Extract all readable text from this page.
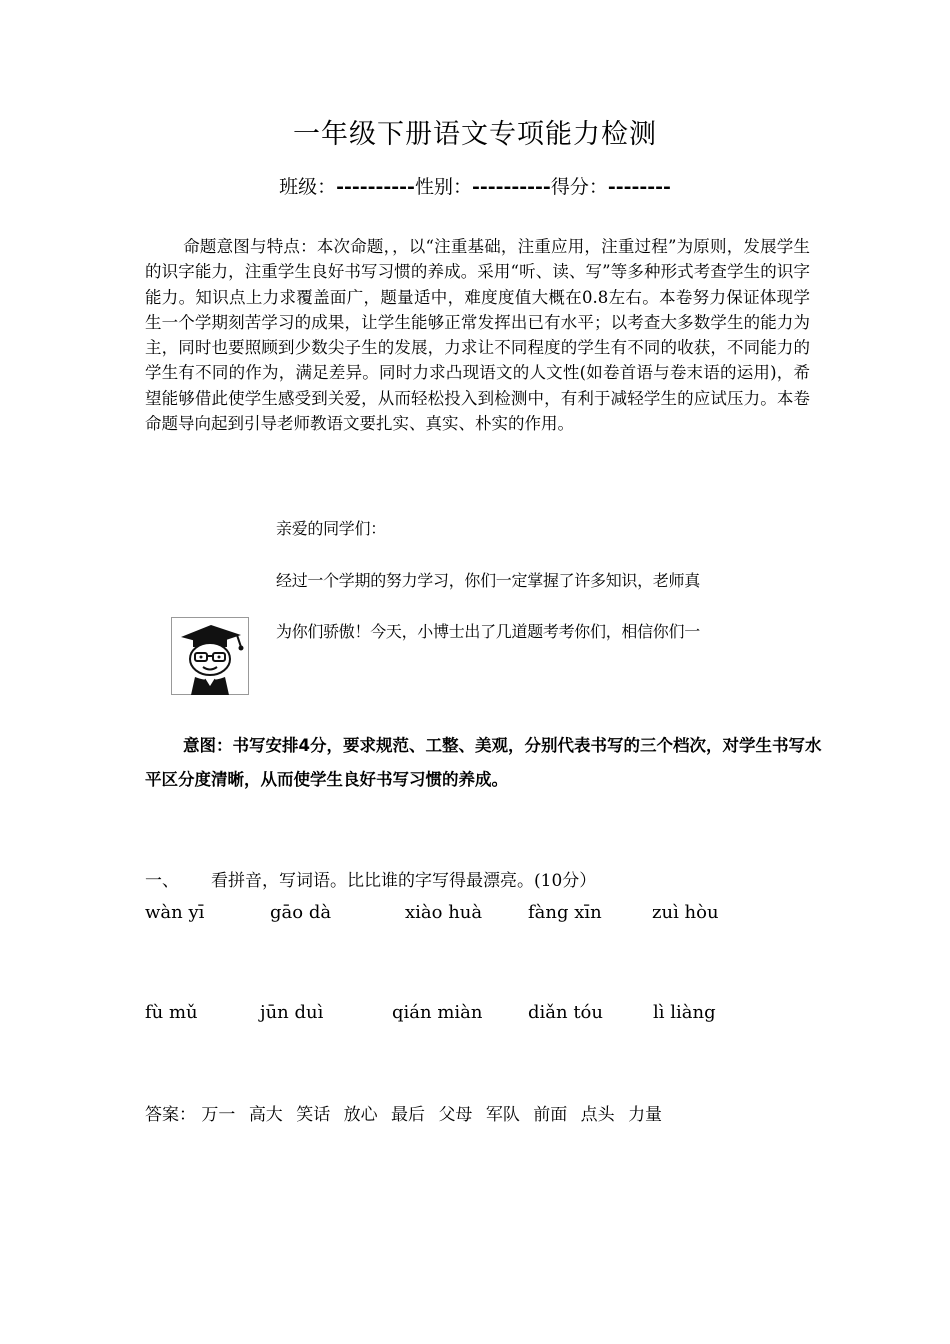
一年级下册语文专项能力检测
班级：----------性别：----------得分：--------
命题意图与特点：本次命题，，以“注重基础，注重应用，注重过程”为原则，发展学生的识字能力，注重学生良好书写习惯的养成。采用“听、读、写”等多种形式考查学生的识字能力。知识点上力求覆盖面广，题量适中，难度度值大概在0.8左右。本卷努力保证体现学生一个学期刻苦学习的成果，让学生能够正常发挥出已有水平；以考查大多数学生的能力为主，同时也要照顾到少数尖子生的发展，力求让不同程度的学生有不同的收获，不同能力的学生有不同的作为，满足差异。同时力求凸现语文的人文性(如卷首语与卷末语的运用)，希望能够借此使学生感受到关爱，从而轻松投入到检测中，有利于减轻学生的应试压力。本卷命题导向起到引导老师教语文要扎实、真实、朴实的作用。
亲爱的同学们：
经过一个学期的努力学习，你们一定掌握了许多知识，老师真
为你们骄傲！今天，小博士出了几道题考考你们，相信你们一
意图：书写安排4分，要求规范、工整、美观，分别代表书写的三个档次，对学生书写水平区分度清晰，从而使学生良好书写习惯的养成。
一、 看拼音，写词语。比比谁的字写得最漂亮。(10分）
wàn yī	gāo dà	xiào huà	fàng xīn	zuì hòu
fù mǔ	jūn duì	qián miàn	diǎn tóu	lì liàng
答案： 万一 高大 笑话 放心 最后 父母 军队 前面 点头 力量
